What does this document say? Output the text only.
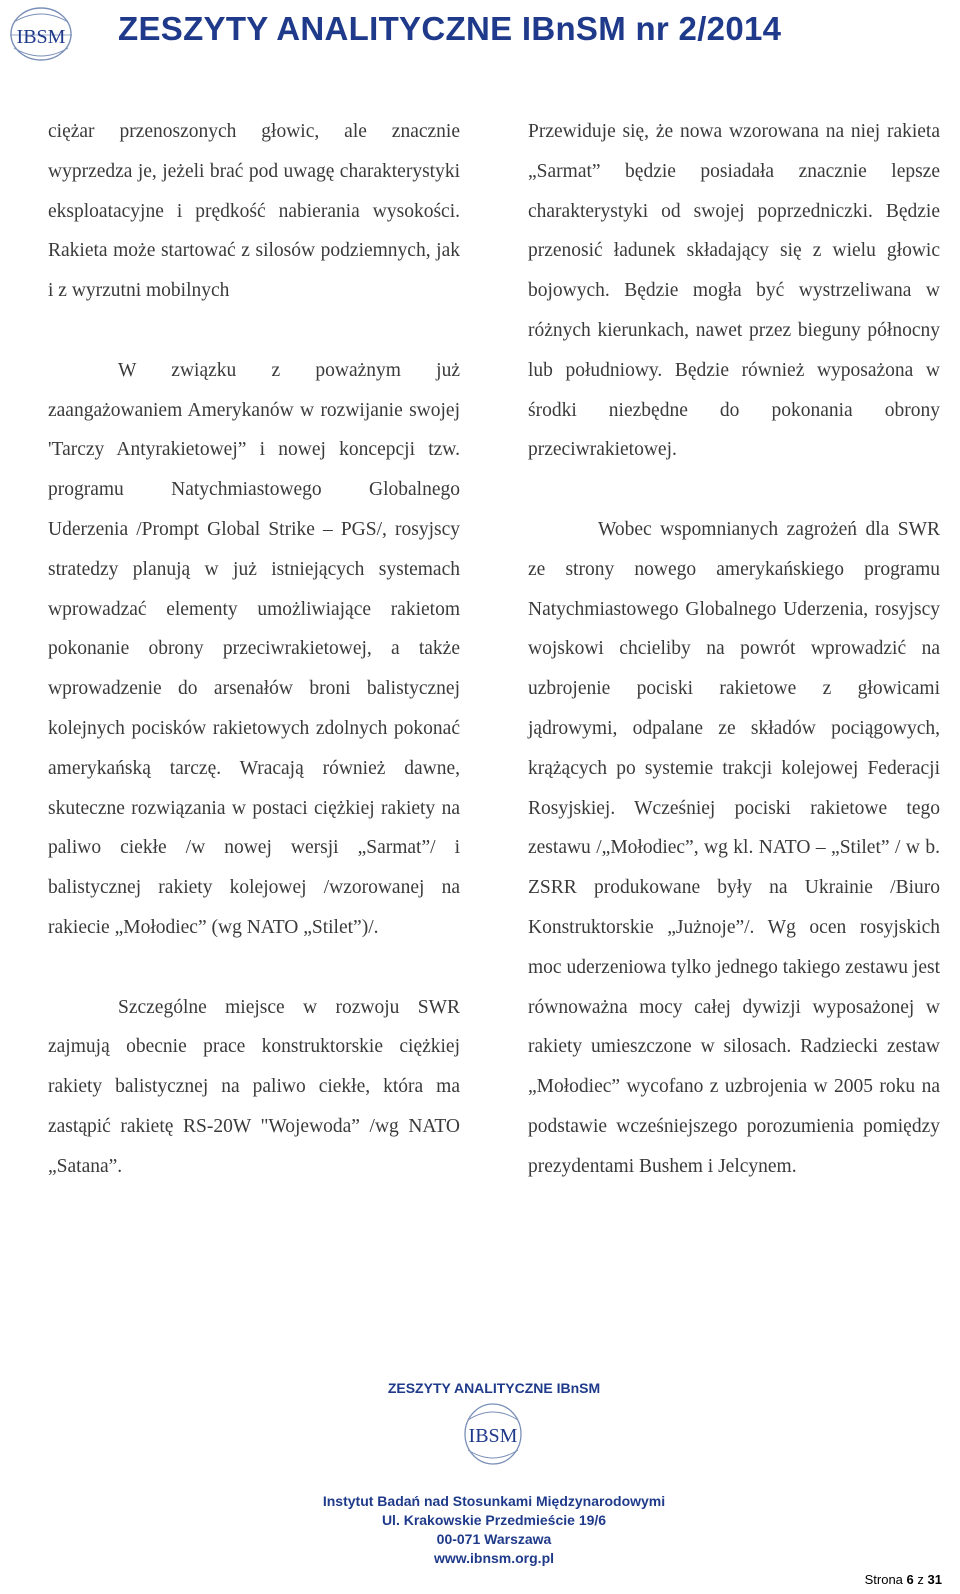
IBSM ZESZYTY ANALITYCZNE IBnSM nr 2/2014

ciężar przenoszonych głowic, ale znacznie wyprzedza je, jeżeli brać pod uwagę charakterystyki eksploatacyjne i prędkość nabierania wysokości. Rakieta może startować z silosów podziemnych, jak i z wyrzutni mobilnych

W związku z poważnym już zaangażowaniem Amerykanów w rozwijanie swojej 'Tarczy Antyrakietowej” i nowej koncepcji tzw. programu Natychmiastowego Globalnego Uderzenia /Prompt Global Strike – PGS/, rosyjscy stratedzy planują w już istniejących systemach wprowadzać elementy umożliwiające rakietom pokonanie obrony przeciwrakietowej, a także wprowadzenie do arsenałów broni balistycznej kolejnych pocisków rakietowych zdolnych pokonać amerykańską tarczę. Wracają również dawne, skuteczne rozwiązania w postaci ciężkiej rakiety na paliwo ciekłe /w nowej wersji „Sarmat”/ i balistycznej rakiety kolejowej /wzorowanej na rakiecie „Mołodiec” (wg NATO „Stilet”)/.

Szczególne miejsce w rozwoju SWR zajmują obecnie prace konstruktorskie ciężkiej rakiety balistycznej na paliwo ciekłe, która ma zastąpić rakietę RS-20W "Wojewoda” /wg NATO „Satana”.

Przewiduje się, że nowa wzorowana na niej rakieta „Sarmat” będzie posiadała znacznie lepsze charakterystyki od swojej poprzedniczki. Będzie przenosić ładunek składający się z wielu głowic bojowych. Będzie mogła być wystrzeliwana w różnych kierunkach, nawet przez bieguny północny lub południowy. Będzie również wyposażona w środki niezbędne do pokonania obrony przeciwrakietowej.

Wobec wspomnianych zagrożeń dla SWR ze strony nowego amerykańskiego programu Natychmiastowego Globalnego Uderzenia, rosyjscy wojskowi chcieliby na powrót wprowadzić na uzbrojenie pociski rakietowe z głowicami jądrowymi, odpalane ze składów pociągowych, krążących po systemie trakcji kolejowej Federacji Rosyjskiej. Wcześniej pociski rakietowe tego zestawu /„Mołodiec”, wg kl. NATO – „Stilet” / w b. ZSRR produkowane były na Ukrainie /Biuro Konstruktorskie „Jużnoje”/. Wg ocen rosyjskich moc uderzeniowa tylko jednego takiego zestawu jest równoważna mocy całej dywizji wyposażonej w rakiety umieszczone w silosach. Radziecki zestaw „Mołodiec” wycofano z uzbrojenia w 2005 roku na podstawie wcześniejszego porozumienia pomiędzy prezydentami Bushem i Jelcynem.

ZESZYTY ANALITYCZNE IBnSM
IBSM
Instytut Badań nad Stosunkami Międzynarodowymi
Ul. Krakowskie Przedmieście 19/6
00-071 Warszawa
www.ibnsm.org.pl
Strona 6 z 31
